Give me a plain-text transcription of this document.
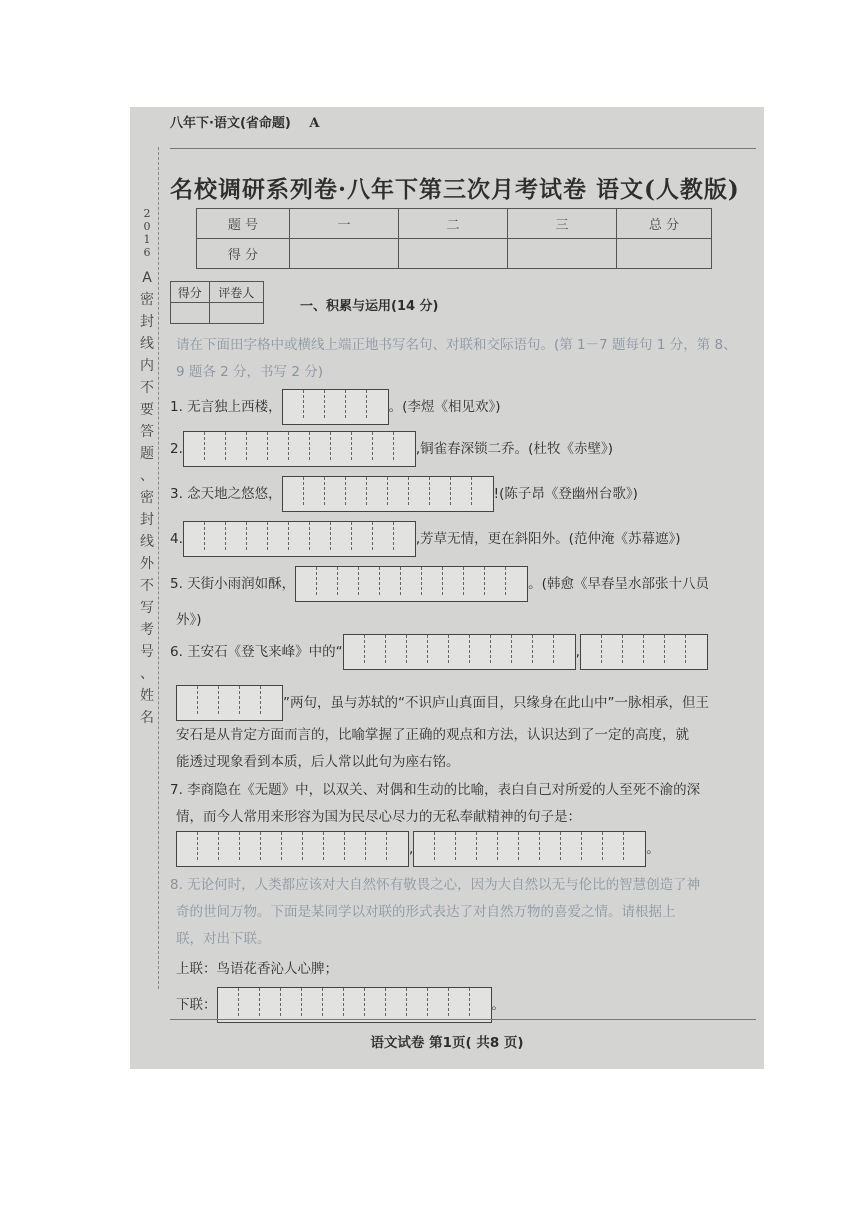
八年下·语文(省命题) A
2
0
1
6
A
密
封
线
内
不
要
答
题
、
密
封
线
外
不
写
考
号
、
姓
名
名校调研系列卷·八年下第三次月考试卷 语文(人教版)
题 号	一	二	三	总 分
得 分				
得分	评卷人

一、积累与运用(14 分)
请在下面田字格中或横线上端正地书写名句、对联和交际语句。(第 1－7 题每句 1 分，第 8、9 题各 2 分，书写 2 分)
1. 无言独上西楼，	。(李煜《相见欢》)
2.	,铜雀春深锁二乔。(杜牧《赤壁》)
3. 念天地之悠悠，	!(陈子昂《登幽州台歌》)
4.	,芳草无情，更在斜阳外。(范仲淹《苏幕遮》)
5. 天街小雨润如酥，	。(韩愈《早春呈水部张十八员
外》)
6. 王安石《登飞来峰》中的“	,
”两句，虽与苏轼的“不识庐山真面目，只缘身在此山中”一脉相承，但王
安石是从肯定方面而言的，比喻掌握了正确的观点和方法，认识达到了一定的高度，就
能透过现象看到本质，后人常以此句为座右铭。
7. 李商隐在《无题》中，以双关、对偶和生动的比喻，表白自己对所爱的人至死不渝的深
情，而今人常用来形容为国为民尽心尽力的无私奉献精神的句子是：
,	。
8. 无论何时，人类都应该对大自然怀有敬畏之心，因为大自然以无与伦比的智慧创造了神
奇的世间万物。下面是某同学以对联的形式表达了对自然万物的喜爱之情。请根据上
联，对出下联。
上联：鸟语花香沁人心脾；
下联：	。
语文试卷 第1页( 共8 页)
